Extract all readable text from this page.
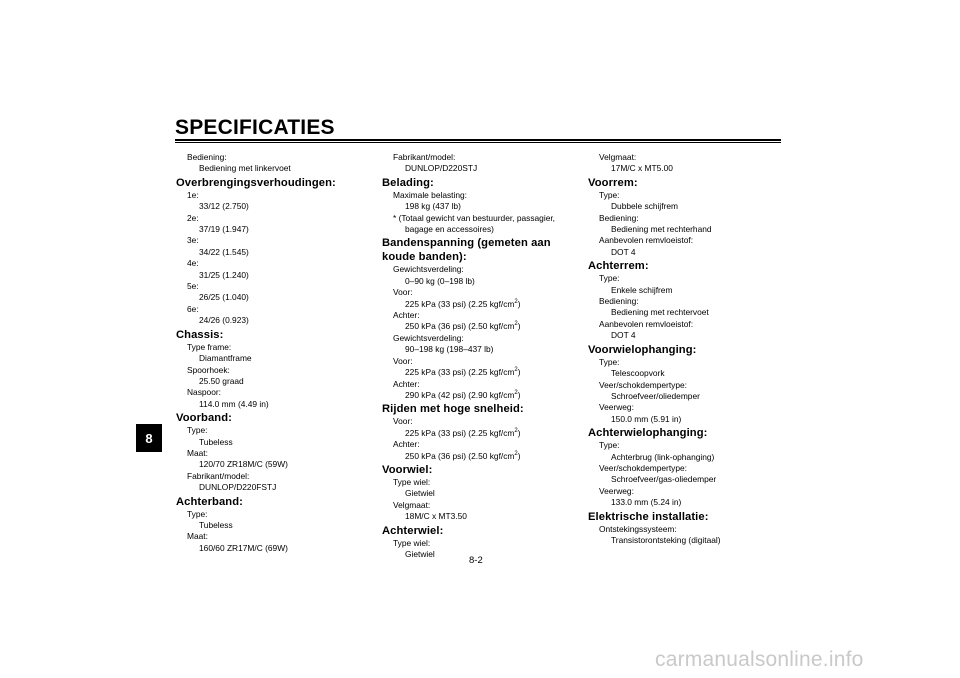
SPECIFICATIES
8
Bediening:
Bediening met linkervoet
Overbrengingsverhoudingen:
1e:
33/12 (2.750)
2e:
37/19 (1.947)
3e:
34/22 (1.545)
4e:
31/25 (1.240)
5e:
26/25 (1.040)
6e:
24/26 (0.923)
Chassis:
Type frame:
Diamantframe
Spoorhoek:
25.50 graad
Naspoor:
114.0 mm (4.49 in)
Voorband:
Type:
Tubeless
Maat:
120/70 ZR18M/C (59W)
Fabrikant/model:
DUNLOP/D220FSTJ
Achterband:
Type:
Tubeless
Maat:
160/60 ZR17M/C (69W)
Fabrikant/model:
DUNLOP/D220STJ
Belading:
Maximale belasting:
198 kg (437 lb)
* (Totaal gewicht van bestuurder, passagier, bagage en accessoires)
Bandenspanning (gemeten aan koude banden):
Gewichtsverdeling:
0–90 kg (0–198 lb)
Voor:
225 kPa (33 psi) (2.25 kgf/$cm^2$)
Achter:
250 kPa (36 psi) (2.50 kgf/$cm^2$)
Gewichtsverdeling:
90–198 kg (198–437 lb)
Voor:
225 kPa (33 psi) (2.25 kgf/$cm^2$)
Achter:
290 kPa (42 psi) (2.90 kgf/$cm^2$)
Rijden met hoge snelheid:
Voor:
225 kPa (33 psi) (2.25 kgf/$cm^2$)
Achter:
250 kPa (36 psi) (2.50 kgf/$cm^2$)
Voorwiel:
Type wiel:
Gietwiel
Velgmaat:
18M/C x MT3.50
Achterwiel:
Type wiel:
Gietwiel
Velgmaat:
17M/C x MT5.00
Voorrem:
Type:
Dubbele schijfrem
Bediening:
Bediening met rechterhand
Aanbevolen remvloeistof:
DOT 4
Achterrem:
Type:
Enkele schijfrem
Bediening:
Bediening met rechtervoet
Aanbevolen remvloeistof:
DOT 4
Voorwielophanging:
Type:
Telescoopvork
Veer/schokdempertype:
Schroefveer/oliedemper
Veerweg:
150.0 mm (5.91 in)
Achterwielophanging:
Type:
Achterbrug (link-ophanging)
Veer/schokdempertype:
Schroefveer/gas-oliedemper
Veerweg:
133.0 mm (5.24 in)
Elektrische installatie:
Ontstekingssysteem:
Transistorontsteking (digitaal)
8-2
carmanualsonline.info
